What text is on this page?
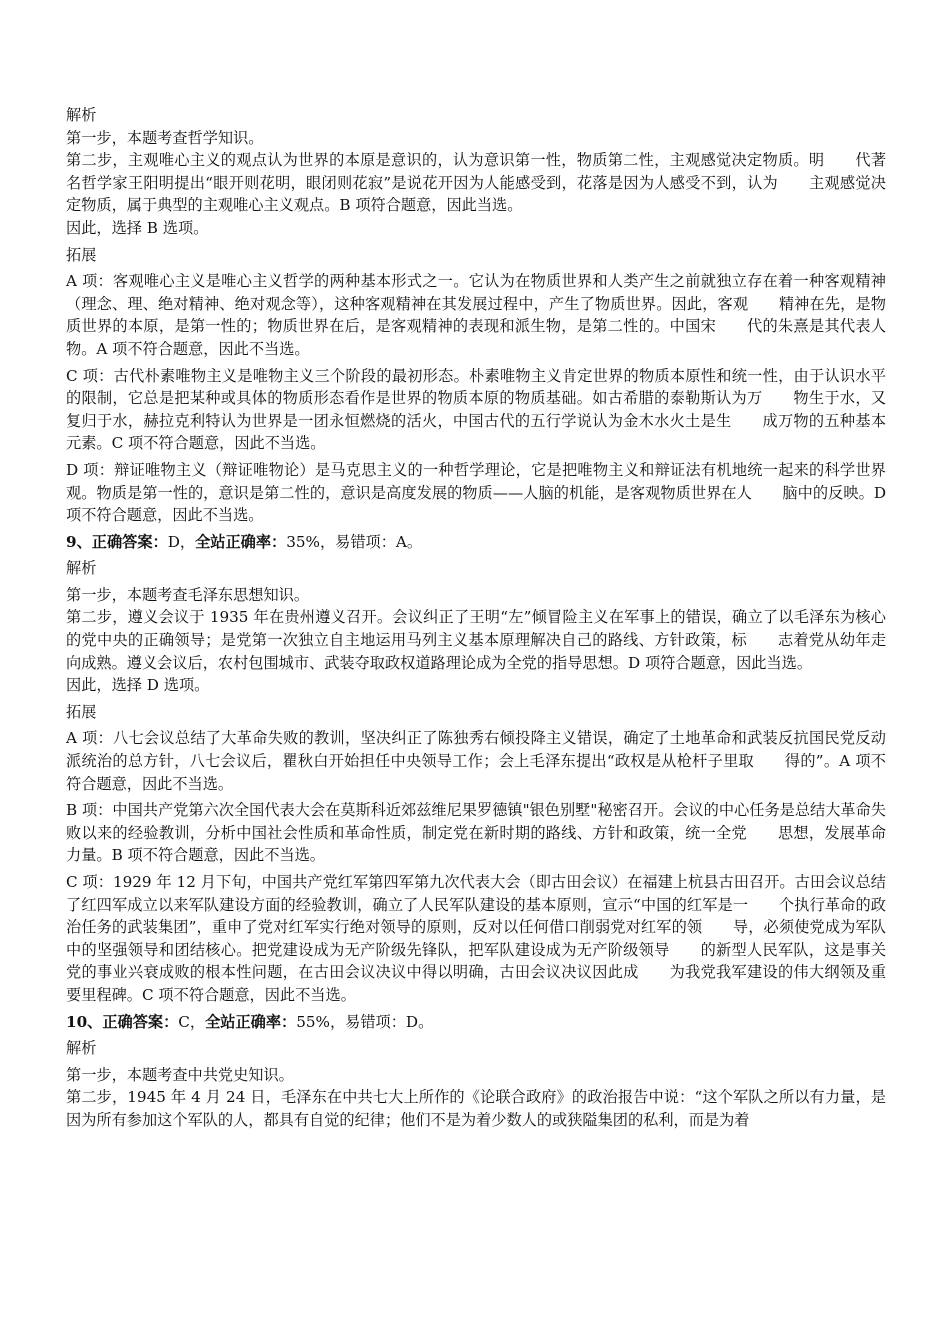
解析
第一步，本题考查哲学知识。

第二步，主观唯心主义的观点认为世界的本原是意识的，认为意识第一性，物质第二性，主观感觉决定物质。明　　代著名哲学家王阳明提出“眼开则花明，眼闭则花寂”是说花开因为人能感受到，花落是因为人感受不到，认为　　主观感觉决定物质，属于典型的主观唯心主义观点。B 项符合题意，因此当选。

因此，选择 B 选项。
拓展

A 项：客观唯心主义是唯心主义哲学的两种基本形式之一。它认为在物质世界和人类产生之前就独立存在着一种客观精神（理念、理、绝对精神、绝对观念等），这种客观精神在其发展过程中，产生了物质世界。因此，客观　　精神在先，是物质世界的本原，是第一性的；物质世界在后，是客观精神的表现和派生物，是第二性的。中国宋　　代的朱熹是其代表人物。A 项不符合题意，因此不当选。

C 项：古代朴素唯物主义是唯物主义三个阶段的最初形态。朴素唯物主义肯定世界的物质本原性和统一性，由于认识水平的限制，它总是把某种或具体的物质形态看作是世界的物质本原的物质基础。如古希腊的泰勒斯认为万　　物生于水，又复归于水，赫拉克利特认为世界是一团永恒燃烧的活火，中国古代的五行学说认为金木水火土是生　　成万物的五种基本元素。C 项不符合题意，因此不当选。

D 项：辩证唯物主义（辩证唯物论）是马克思主义的一种哲学理论，它是把唯物主义和辩证法有机地统一起来的科学世界观。物质是第一性的，意识是第二性的，意识是高度发展的物质——人脑的机能，是客观物质世界在人　　脑中的反映。D 项不符合题意，因此不当选。

9、正确答案：D，全站正确率：35%，易错项：A。
解析
第一步，本题考查毛泽东思想知识。

第二步，遵义会议于 1935 年在贵州遵义召开。会议纠正了王明“左”倾冒险主义在军事上的错误，确立了以毛泽东为核心的党中央的正确领导；是党第一次独立自主地运用马列主义基本原理解决自己的路线、方针政策，标　　志着党从幼年走向成熟。遵义会议后，农村包围城市、武装夺取政权道路理论成为全党的指导思想。D 项符合题意，因此当选。

因此，选择 D 选项。
拓展

A 项：八七会议总结了大革命失败的教训，坚决纠正了陈独秀右倾投降主义错误，确定了土地革命和武装反抗国民党反动派统治的总方针，八七会议后，瞿秋白开始担任中央领导工作；会上毛泽东提出“政权是从枪杆子里取　　得的”。A 项不符合题意，因此不当选。

B 项：中国共产党第六次全国代表大会在莫斯科近郊兹维尼果罗德镇"银色别墅"秘密召开。会议的中心任务是总结大革命失败以来的经验教训，分析中国社会性质和革命性质，制定党在新时期的路线、方针和政策，统一全党　　思想，发展革命力量。B 项不符合题意，因此不当选。

C 项：1929 年 12 月下旬，中国共产党红军第四军第九次代表大会（即古田会议）在福建上杭县古田召开。古田会议总结了红四军成立以来军队建设方面的经验教训，确立了人民军队建设的基本原则，宣示“中国的红军是一　　个执行革命的政治任务的武装集团”，重申了党对红军实行绝对领导的原则，反对以任何借口削弱党对红军的领　　导，必须使党成为军队中的坚强领导和团结核心。把党建设成为无产阶级先锋队，把军队建设成为无产阶级领导　　的新型人民军队，这是事关党的事业兴衰成败的根本性问题，在古田会议决议中得以明确，古田会议决议因此成　　为我党我军建设的伟大纲领及重要里程碑。C 项不符合题意，因此不当选。

10、正确答案：C，全站正确率：55%，易错项：D。
解析
第一步，本题考查中共党史知识。

第二步，1945 年 4 月 24 日，毛泽东在中共七大上所作的《论联合政府》的政治报告中说：“这个军队之所以有力量，是因为所有参加这个军队的人，都具有自觉的纪律；他们不是为着少数人的或狭隘集团的私利，而是为着
